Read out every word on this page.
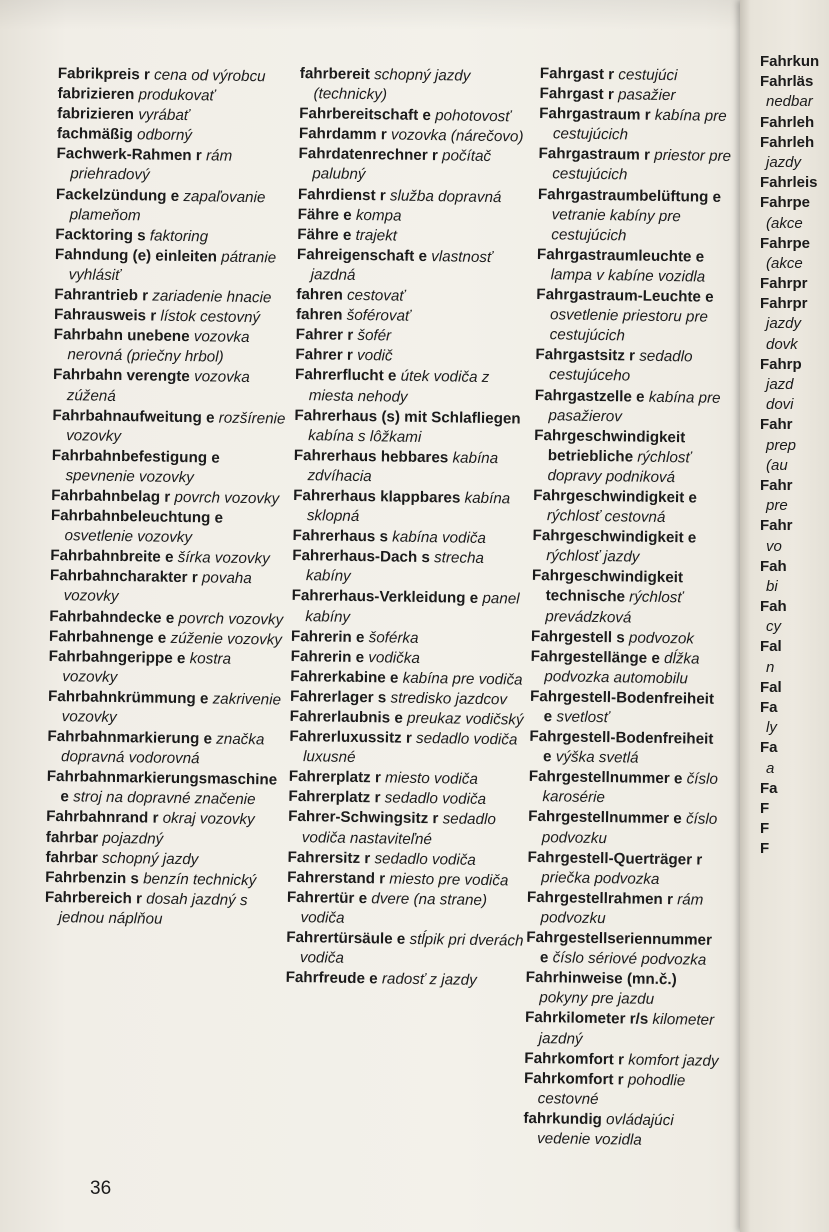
Fabrikpreis r cena od výrobcu
fabrizieren produkovať
fabrizieren vyrábať
fachmäßig odborný
Fachwerk-Rahmen r rám priehradový
Fackelzündung e zapaľovanie plameňom
Facktoring s faktoring
Fahndung (e) einleiten pátranie vyhlásiť
Fahrantrieb r zariadenie hnacie
Fahrausweis r lístok cestovný
Fahrbahn unebene vozovka nerovná (priečny hrbol)
Fahrbahn verengte vozovka zúžená
Fahrbahnaufweitung e rozšírenie vozovky
Fahrbahnbefestigung e spevnenie vozovky
Fahrbahnbelag r povrch vozovky
Fahrbahnbeleuchtung e osvetlenie vozovky
Fahrbahnbreite e šírka vozovky
Fahrbahncharakter r povaha vozovky
Fahrbahndecke e povrch vozovky
Fahrbahnenge e zúženie vozovky
Fahrbahngerippe e kostra vozovky
Fahrbahnkrümmung e zakrivenie vozovky
Fahrbahnmarkierung e značka dopravná vodorovná
Fahrbahnmarkierungsmaschine e stroj na dopravné značenie
Fahrbahnrand r okraj vozovky
fahrbar pojazdný
fahrbar schopný jazdy
Fahrbenzin s benzín technický
Fahrbereich r dosah jazdný s jednou náplňou
fahrbereit schopný jazdy (technicky)
Fahrbereitschaft e pohotovosť
Fahrdamm r vozovka (nárečovo)
Fahrdatenrechner r počítač palubný
Fahrdienst r služba dopravná
Fähre e kompa
Fähre e trajekt
Fahreigenschaft e vlastnosť jazdná
fahren cestovať
fahren šoférovať
Fahrer r šofér
Fahrer r vodič
Fahrerflucht e útek vodiča z miesta nehody
Fahrerhaus (s) mit Schlafliegen kabína s lôžkami
Fahrerhaus hebbares kabína zdvíhacia
Fahrerhaus klappbares kabína sklopná
Fahrerhaus s kabína vodiča
Fahrerhaus-Dach s strecha kabíny
Fahrerhaus-Verkleidung e panel kabíny
Fahrerin e šoférka
Fahrerin e vodička
Fahrerkabine e kabína pre vodiča
Fahrerlager s stredisko jazdcov
Fahrerlaubnis e preukaz vodičský
Fahrerluxussitz r sedadlo vodiča luxusné
Fahrerplatz r miesto vodiča
Fahrerplatz r sedadlo vodiča
Fahrer-Schwingsitz r sedadlo vodiča nastaviteľné
Fahrersitz r sedadlo vodiča
Fahrerstand r miesto pre vodiča
Fahrertür e dvere (na strane) vodiča
Fahrertürsäule e stĺpik pri dverách vodiča
Fahrfreude e radosť z jazdy
Fahrgast r cestujúci
Fahrgast r pasažier
Fahrgastraum r kabína pre cestujúcich
Fahrgastraum r priestor pre cestujúcich
Fahrgastraumbelüftung e vetranie kabíny pre cestujúcich
Fahrgastraumleuchte e lampa v kabíne vozidla
Fahrgastraum-Leuchte e osvetlenie priestoru pre cestujúcich
Fahrgastsitz r sedadlo cestujúceho
Fahrgastzelle e kabína pre pasažierov
Fahrgeschwindigkeit betriebliche rýchlosť dopravy podniková
Fahrgeschwindigkeit e rýchlosť cestovná
Fahrgeschwindigkeit e rýchlosť jazdy
Fahrgeschwindigkeit technische rýchlosť prevádzková
Fahrgestell s podvozok
Fahrgestellänge e dĺžka podvozka automobilu
Fahrgestell-Bodenfreiheit e svetlosť
Fahrgestell-Bodenfreiheit e výška svetlá
Fahrgestellnummer e číslo karosérie
Fahrgestellnummer e číslo podvozku
Fahrgestell-Querträger r priečka podvozka
Fahrgestellrahmen r rám podvozku
Fahrgestellseriennummer e číslo sériové podvozka
Fahrhinweise (mn.č.) pokyny pre jazdu
Fahrkilometer r/s kilometer jazdný
Fahrkomfort r komfort jazdy
Fahrkomfort r pohodlie cestovné
fahrkundig ovládajúci vedenie vozidla
36
Fahrkun
Fahrläs
nedbar
Fahrleh
Fahrleh
jazdy
Fahrleis
Fahrpe
(akce
Fahrpe
(akce
Fahrpr
Fahrpr
jazdy
dovk
Fahrp
jazd
dovi
Fahr
prep
(au
Fahr
pre
Fahr
vo
Fah
bi
Fah
cy
Fal
n
Fal
Fa
ly
Fa
a
Fa
F
F
F
